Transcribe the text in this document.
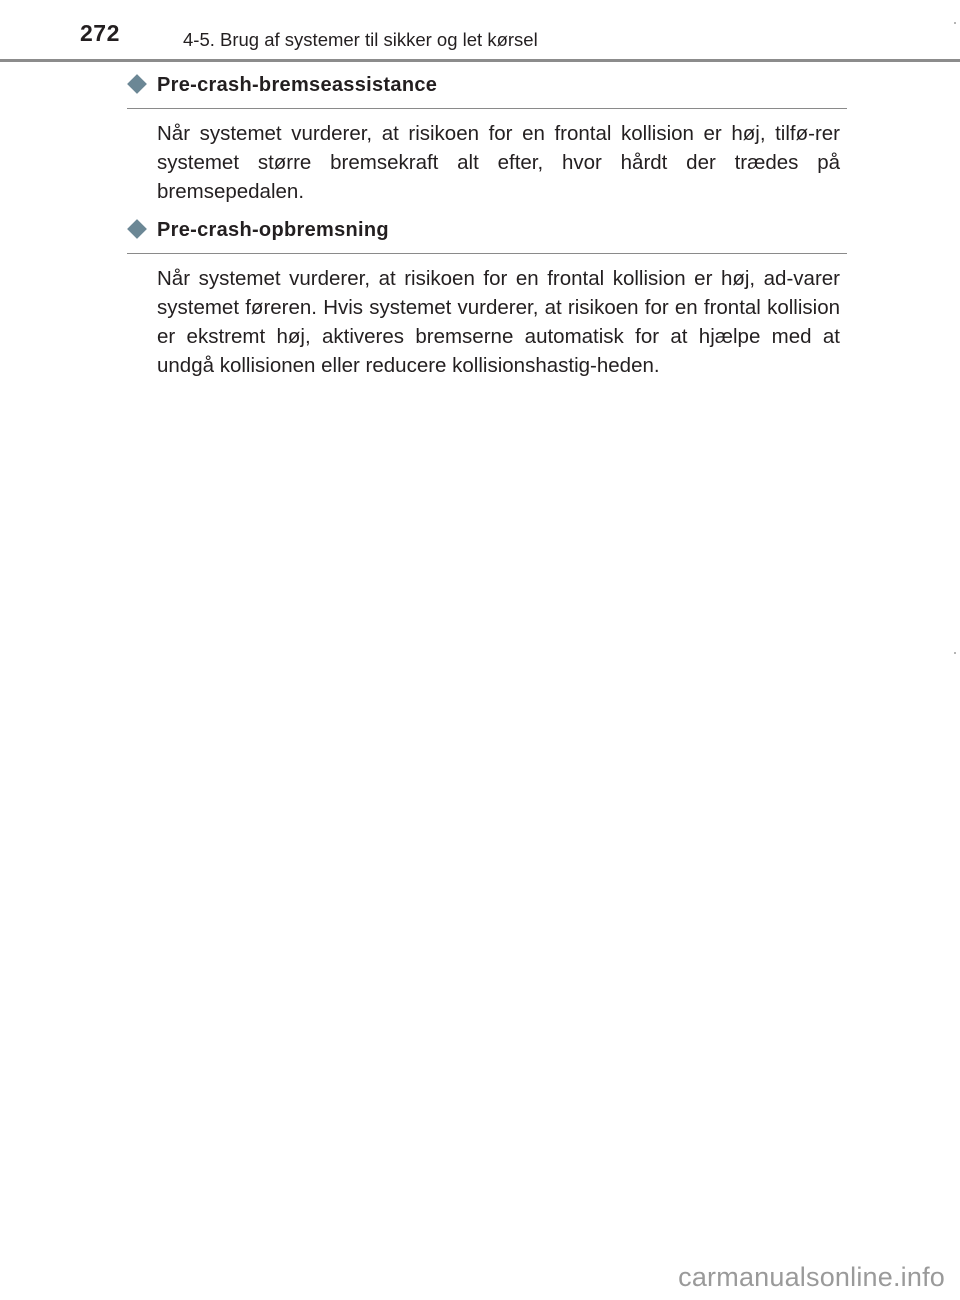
272	4-5. Brug af systemer til sikker og let kørsel
Pre-crash-bremseassistance

Når systemet vurderer, at risikoen for en frontal kollision er høj, tilfø-rer systemet større bremsekraft alt efter, hvor hårdt der trædes på bremsepedalen.

Pre-crash-opbremsning

Når systemet vurderer, at risikoen for en frontal kollision er høj, ad-varer systemet føreren. Hvis systemet vurderer, at risikoen for en frontal kollision er ekstremt høj, aktiveres bremserne automatisk for at hjælpe med at undgå kollisionen eller reducere kollisionshastig-heden.

carmanualsonline.info
